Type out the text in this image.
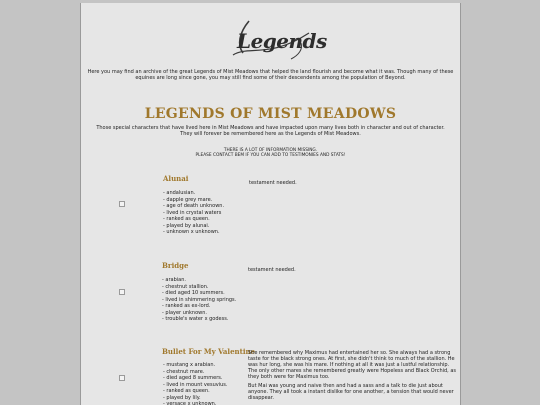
Legends
Here you may find an archive of the great Legends of Mist Meadows that helped the land flourish and become what it was. Though many of these equines are long since gone, you may still find some of their descendents among the population of Beyond.
LEGENDS OF MIST MEADOWS
Those special characters that have lived here in Mist Meadows and have impacted upon many lives both in character and out of character.
They will forever be remembered here as the Legends of Mist Meadows.
THERE IS A LOT OF INFORMATION MISSING.
PLEASE CONTACT BEM IF YOU CAN ADD TO TESTIMONIES AND STATS!
Alunai
- andalusian.
- dapple grey mare.
- age of death unknown.
- lived in crystal waters
- ranked as queen.
- played by alunai.
- unknown x unknown.

testament needed.

Bridge
- arabian.
- chestnut stallion.
- died aged 10 summers.
- lived in shimmering springs.
- ranked as ex-lord.
- player unknown.
- trouble's water x godess.

testament needed.

Bullet For My Valentine
- mustang x arabian.
- chestnut mare.
- died aged 8 summers.
- lived in mount vesuvius.
- ranked as queen.
- played by lily.
- versace x unknown.

She remembered why Maximus had entertained her so. She always had a strong taste for the black strong ones. At first, she didn't think to much of the stallion. He was hur long, she was his mare. If nothing at all it was just a lustful relationship. The only other mares she remembered greatly were Hopeless and Black Orchid, as they both were for Maximus too.

But Mai was young and naive then and had a sass and a talk to die just about anyone. They all took a instant dislike for one another, a tension that would never disappear.
